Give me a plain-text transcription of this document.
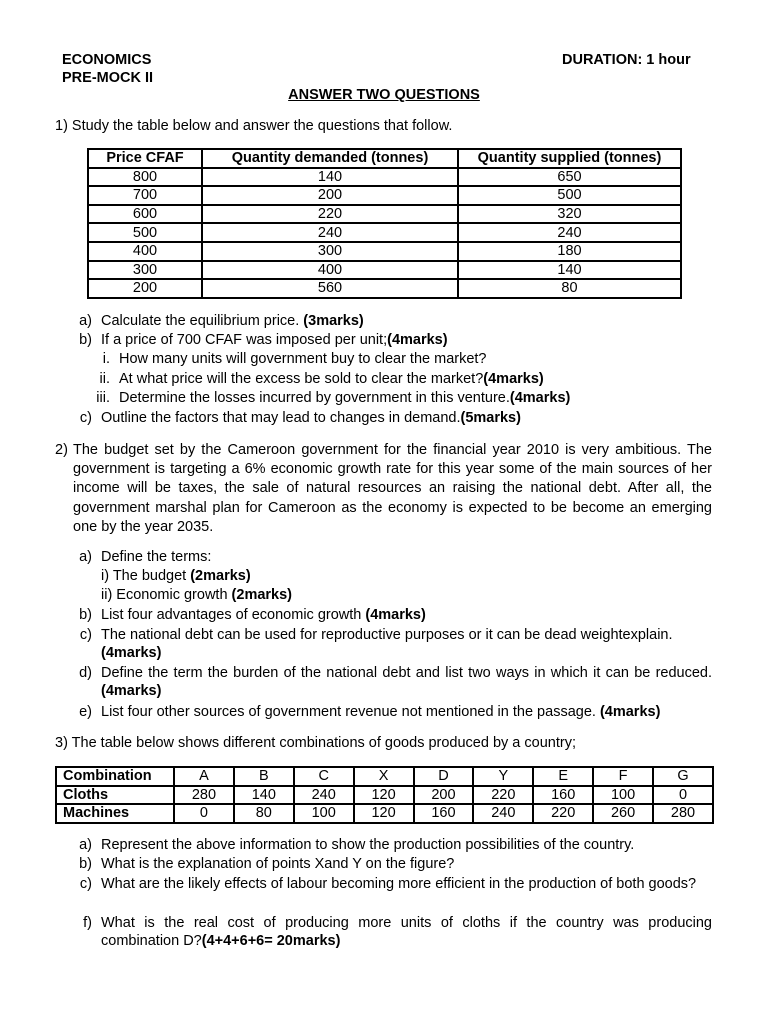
ECONOMICS
PRE-MOCK II
DURATION: 1 hour
ANSWER TWO QUESTIONS
1) Study the table below and answer the questions that follow.
Price CFAF	Quantity demanded (tonnes)	Quantity supplied (tonnes)
800	140	650
700	200	500
600	220	320
500	240	240
400	300	180
300	400	140
200	560	80
a) Calculate the equilibrium price. (3marks)
b) If a price of 700 CFAF was imposed per unit;(4marks)
i. How many units will government buy to clear the market?
ii. At what price will the excess be sold to clear the market?(4marks)
iii. Determine the losses incurred by government in this venture.(4marks)
c) Outline the factors that may lead to changes in demand.(5marks)
2) The budget set by the Cameroon government for the financial year 2010 is very ambitious. The government is targeting a 6% economic growth rate for this year some of the main sources of her income will be taxes, the sale of natural resources an raising the national debt. After all, the government marshal plan for Cameroon as the economy is expected to be become an emerging one by the year 2035.
a) Define the terms:
i) The budget (2marks)
ii) Economic growth (2marks)
b) List four advantages of economic growth (4marks)
c) The national debt can be used for reproductive purposes or it can be dead weightexplain.
(4marks)
d) Define the term the burden of the national debt and list two ways in which it can be reduced. (4marks)
e) List four other sources of government revenue not mentioned in the passage. (4marks)
3) The table below shows different combinations of goods produced by a country;
Combination	A	B	C	X	D	Y	E	F	G
Cloths	280	140	240	120	200	220	160	100	0
Machines	0	80	100	120	160	240	220	260	280
a) Represent the above information to show the production possibilities of the country.
b) What is the explanation of points Xand Y on the figure?
c) What are the likely effects of labour becoming more efficient in the production of both goods?
f) What is the real cost of producing more units of cloths if the country was producing combination D?(4+4+6+6= 20marks)
